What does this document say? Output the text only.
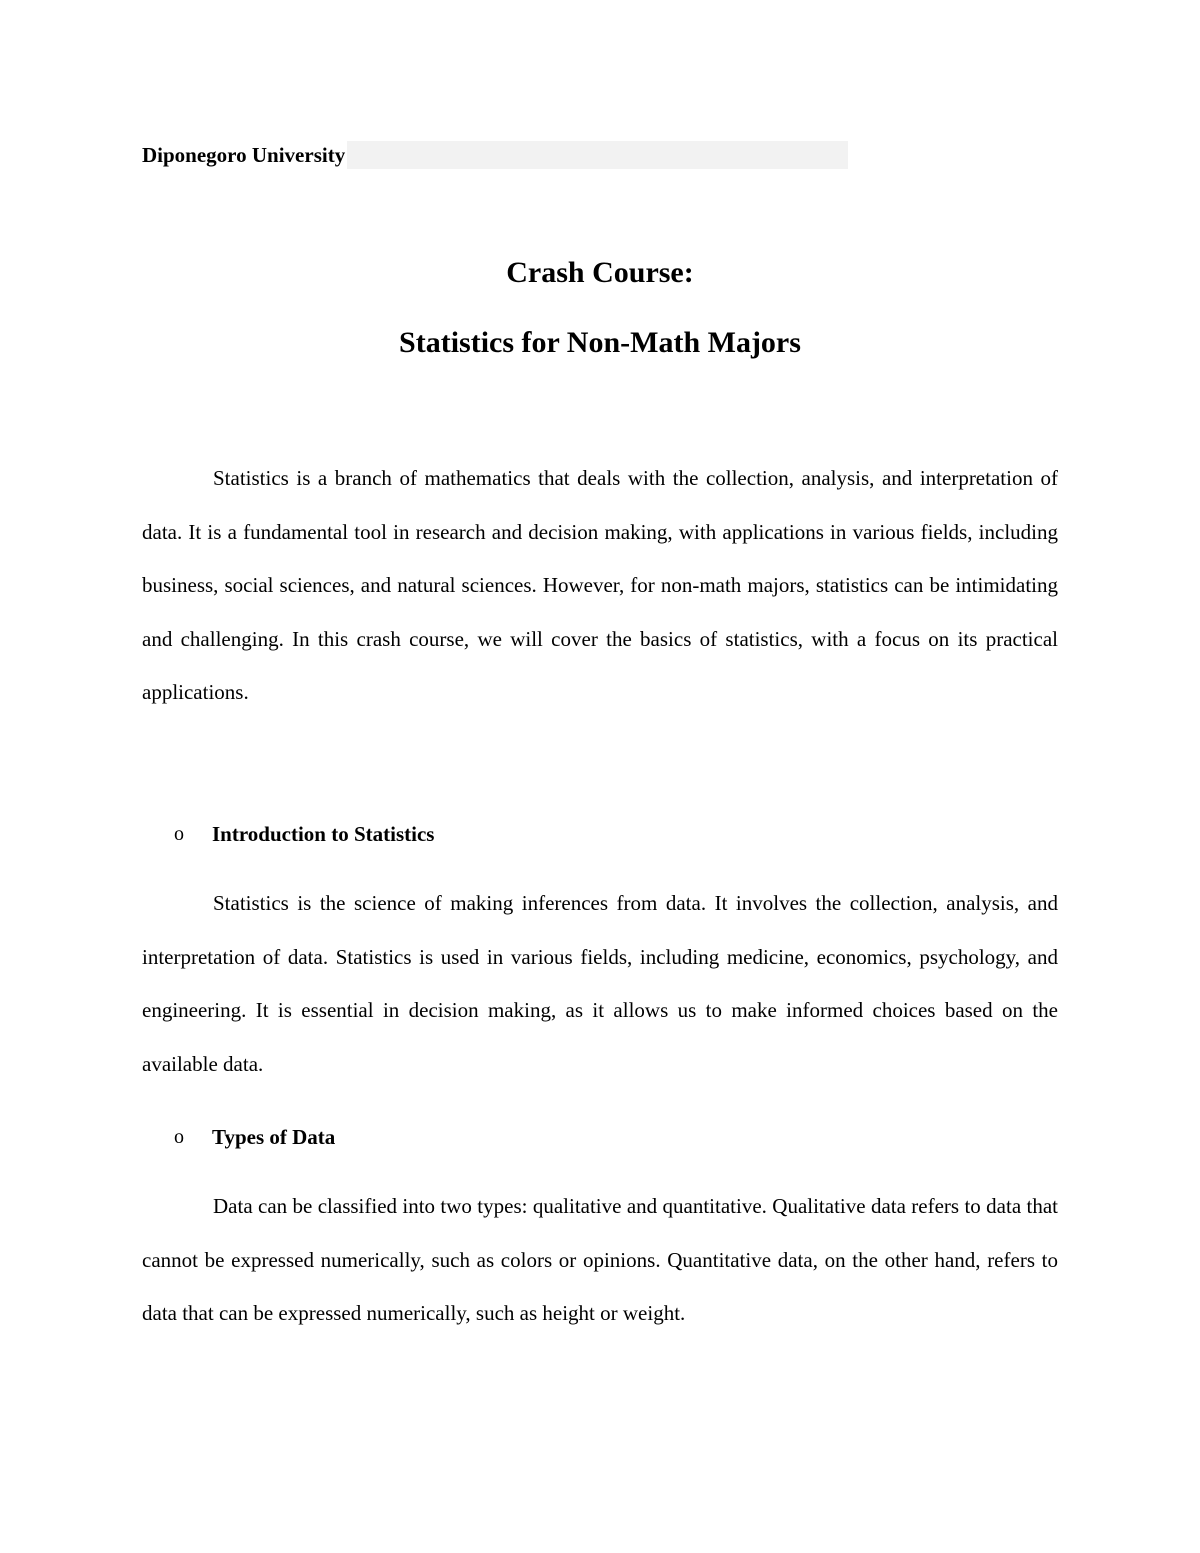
Diponegoro University
Crash Course:
Statistics for Non-Math Majors

Statistics is a branch of mathematics that deals with the collection, analysis, and interpretation of data. It is a fundamental tool in research and decision making, with applications in various fields, including business, social sciences, and natural sciences. However, for non-math majors, statistics can be intimidating and challenging. In this crash course, we will cover the basics of statistics, with a focus on its practical applications.

o	Introduction to Statistics

Statistics is the science of making inferences from data. It involves the collection, analysis, and interpretation of data. Statistics is used in various fields, including medicine, economics, psychology, and engineering. It is essential in decision making, as it allows us to make informed choices based on the available data.

o	Types of Data

Data can be classified into two types: qualitative and quantitative. Qualitative data refers to data that cannot be expressed numerically, such as colors or opinions. Quantitative data, on the other hand, refers to data that can be expressed numerically, such as height or weight.
